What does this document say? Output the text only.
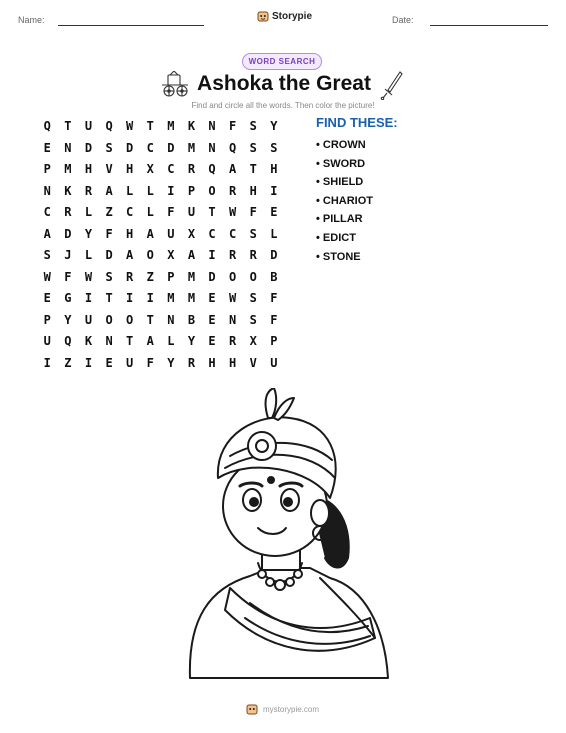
Name:	Storypie	Date:
WORD SEARCH
Ashoka the Great
Find and circle all the words. Then color the picture!
Q	T	U	Q	W	T	M	K	N	F	S	Y
E	N	D	S	D	C	D	M	N	Q	S	S
P	M	H	V	H	X	C	R	Q	A	T	H
N	K	R	A	L	L	I	P	O	R	H	I
C	R	L	Z	C	L	F	U	T	W	F	E
A	D	Y	F	H	A	U	X	C	C	S	L
S	J	L	D	A	O	X	A	I	R	R	D
W	F	W	S	R	Z	P	M	D	O	O	B
E	G	I	T	I	I	M	M	E	W	S	F
P	Y	U	O	O	T	N	B	E	N	S	F
U	Q	K	N	T	A	L	Y	E	R	X	P
I	Z	I	E	U	F	Y	R	H	H	V	U
FIND THESE:
• CROWN
• SWORD
• SHIELD
• CHARIOT
• PILLAR
• EDICT
• STONE
mystorypie.com
